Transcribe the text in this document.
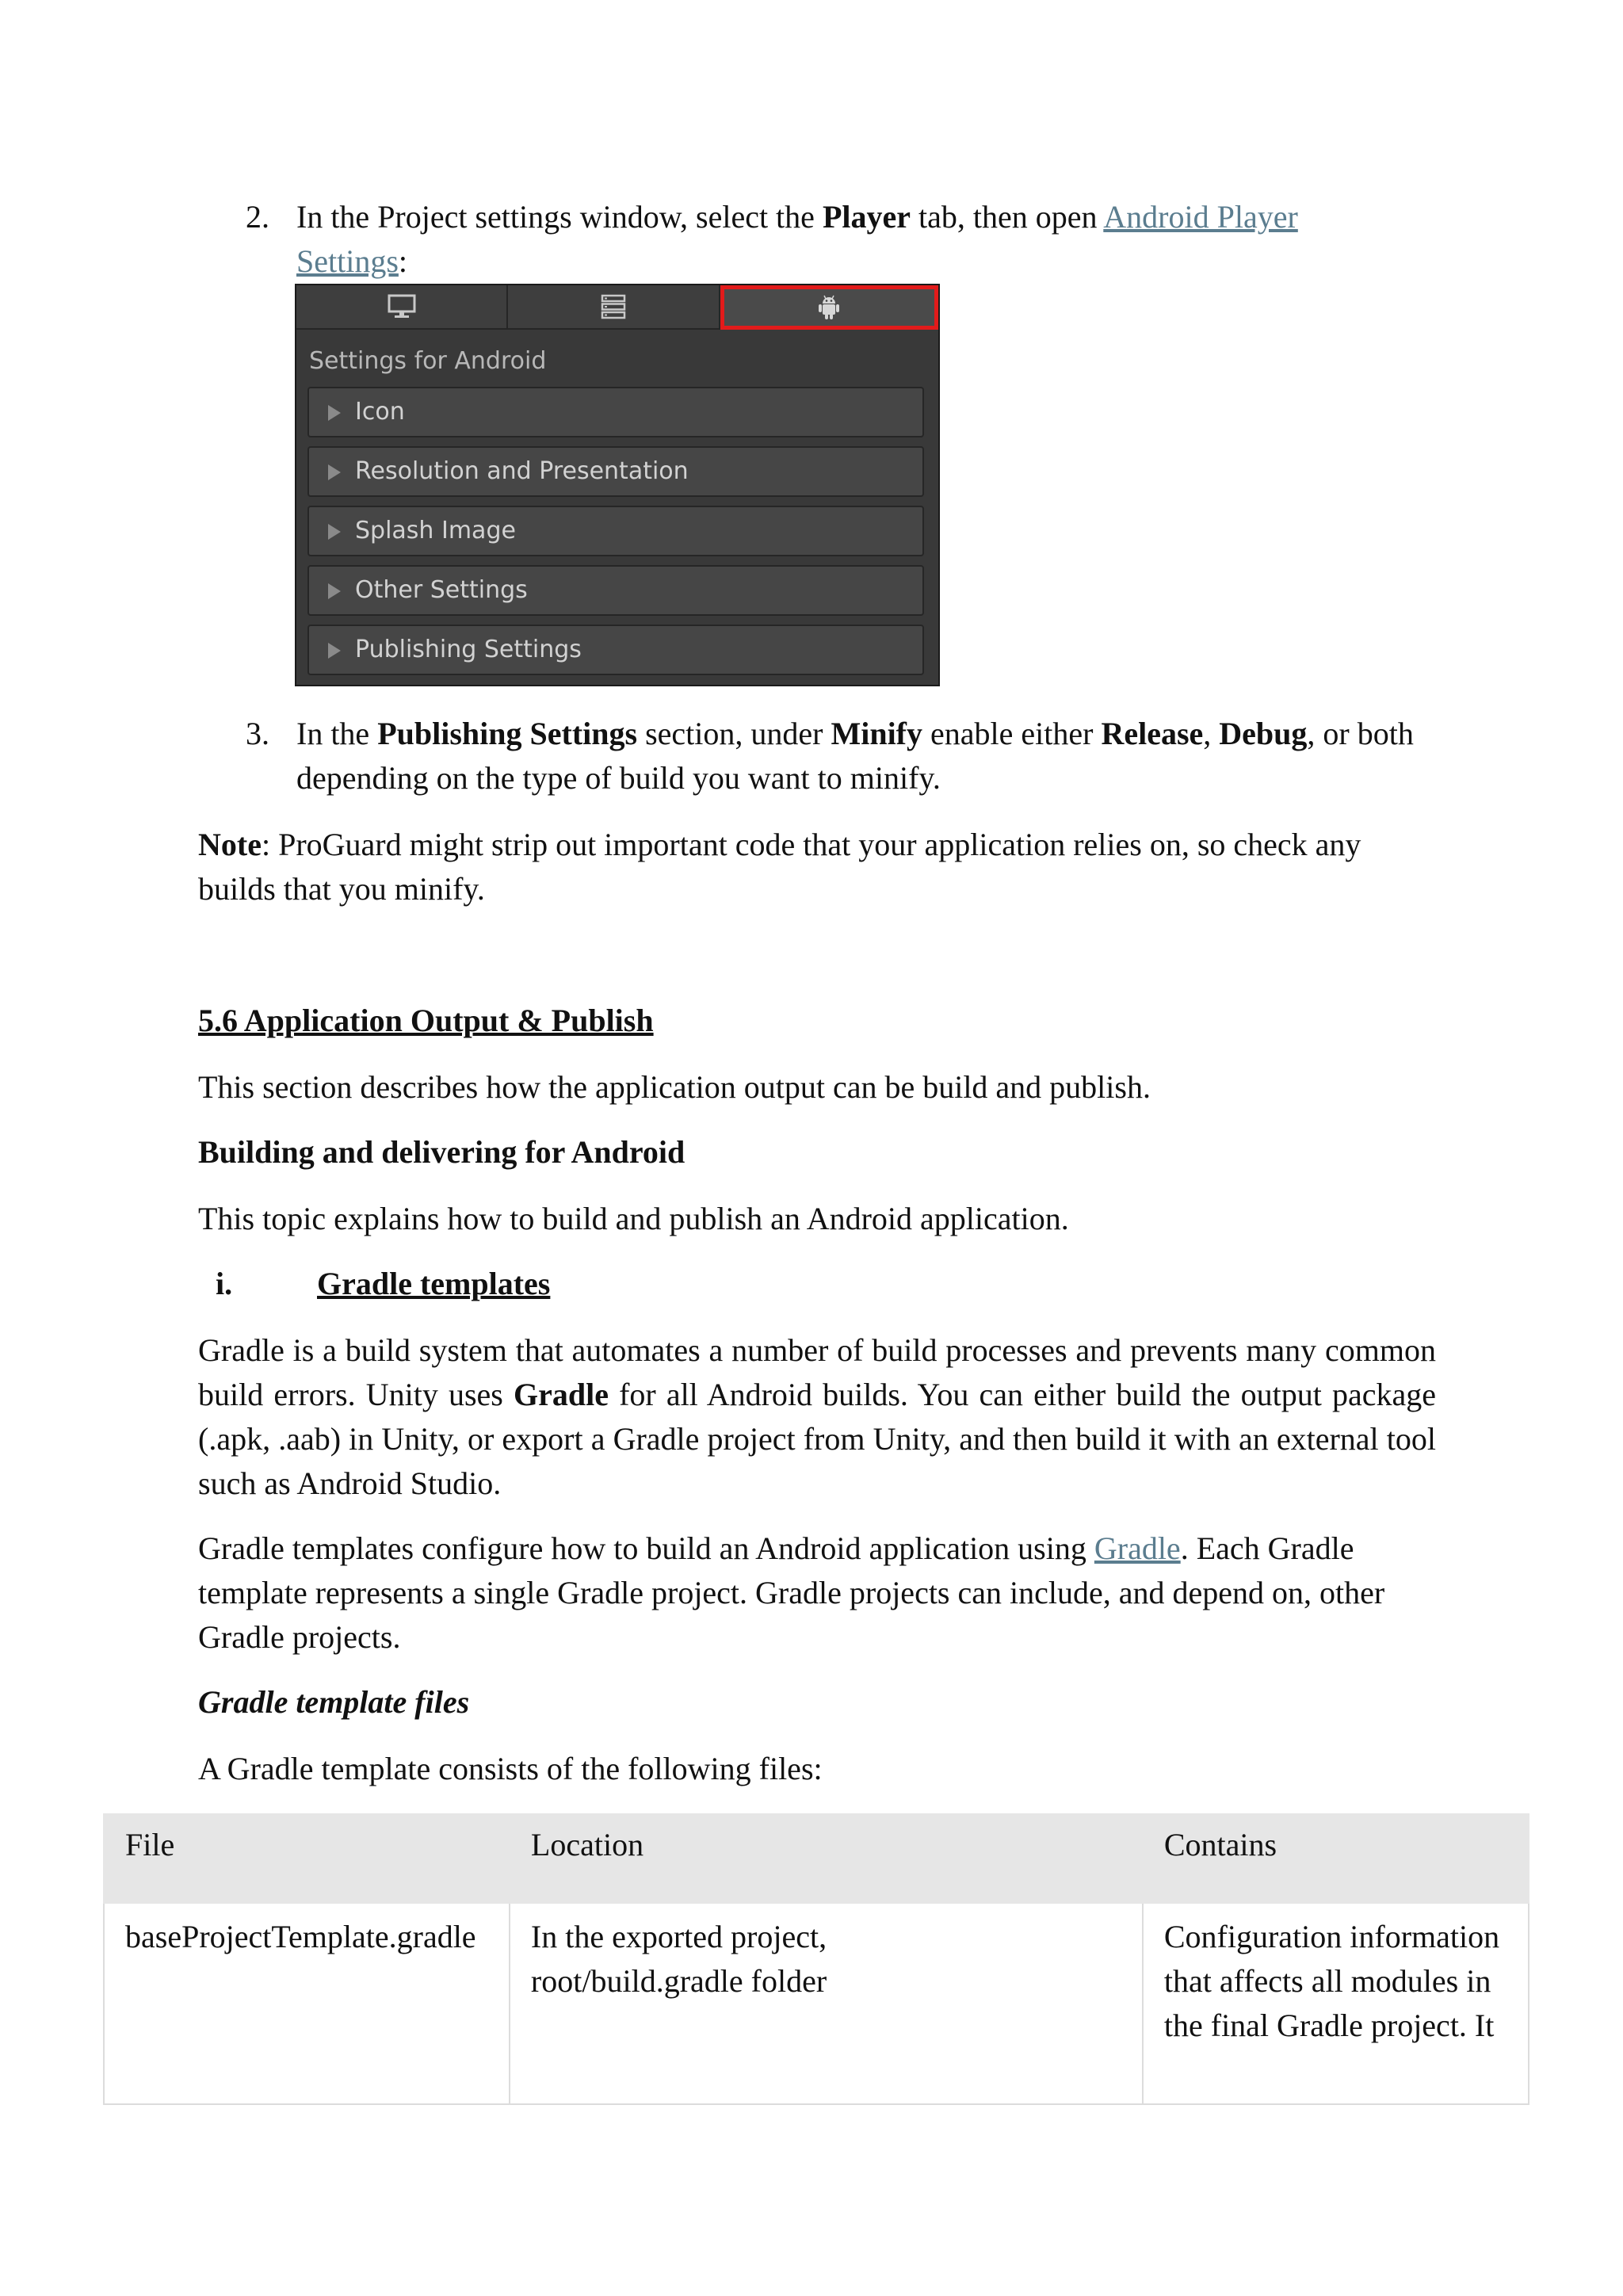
2. In the Project settings window, select the Player tab, then open Android Player Settings:
Settings for Android
Icon
Resolution and Presentation
Splash Image
Other Settings
Publishing Settings
3. In the Publishing Settings section, under Minify enable either Release, Debug, or both depending on the type of build you want to minify.
Note: ProGuard might strip out important code that your application relies on, so check any builds that you minify.
5.6 Application Output & Publish
This section describes how the application output can be build and publish.
Building and delivering for Android
This topic explains how to build and publish an Android application.
i.	Gradle templates
Gradle is a build system that automates a number of build processes and prevents many common build errors. Unity uses Gradle for all Android builds. You can either build the output package (.apk, .aab) in Unity, or export a Gradle project from Unity, and then build it with an external tool such as Android Studio.
Gradle templates configure how to build an Android application using Gradle. Each Gradle template represents a single Gradle project. Gradle projects can include, and depend on, other Gradle projects.
Gradle template files
A Gradle template consists of the following files:
File	Location	Contains
baseProjectTemplate.gradle	In the exported project, root/build.gradle folder	Configuration information that affects all modules in the final Gradle project. It
